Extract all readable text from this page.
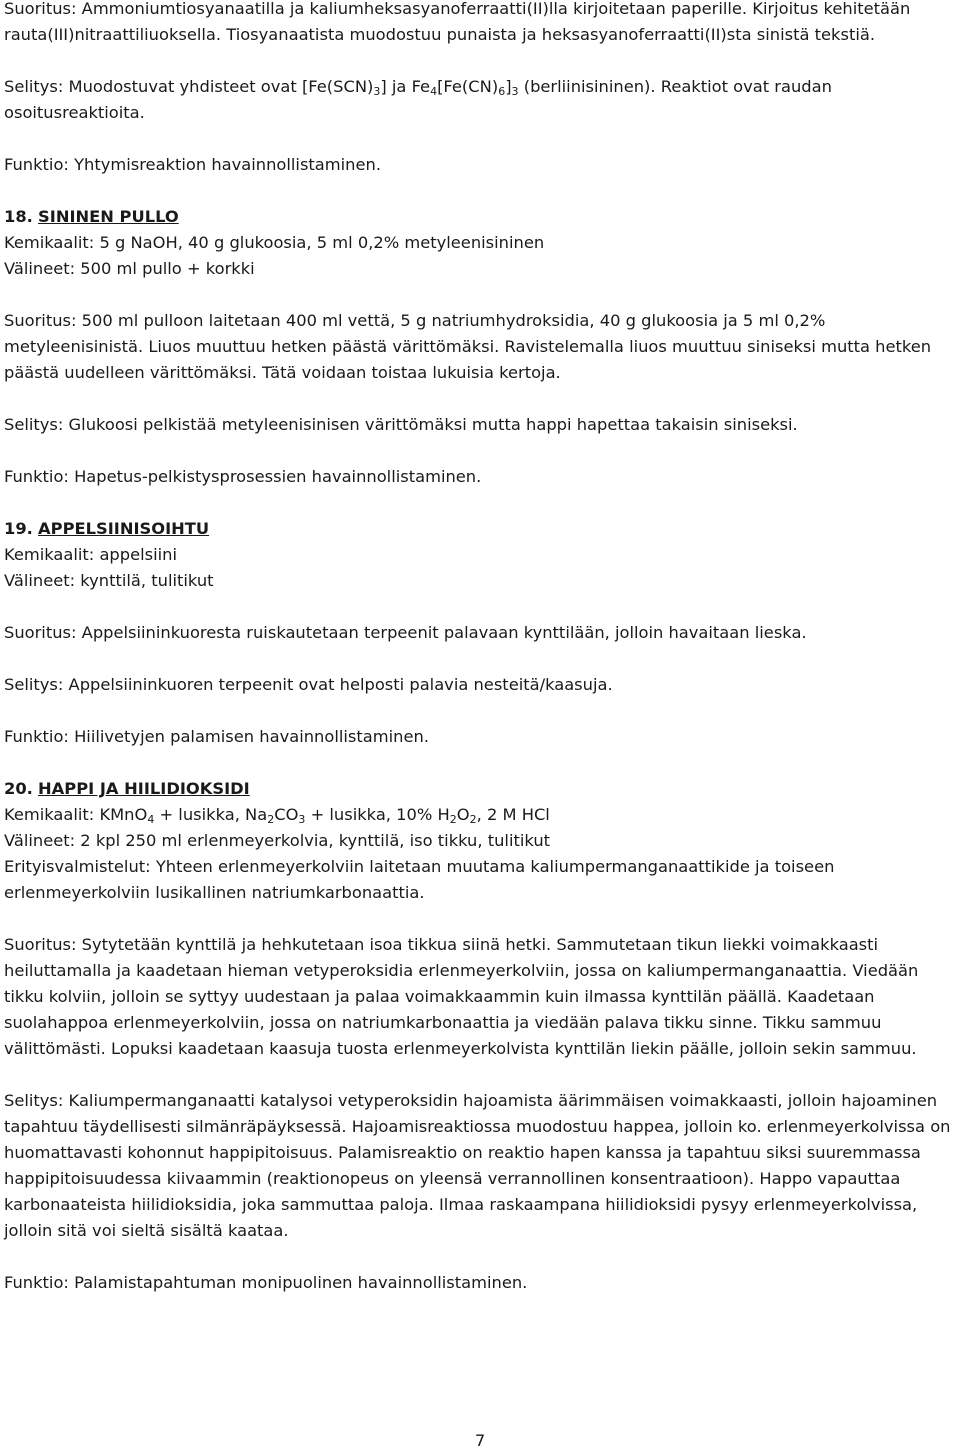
Suoritus: Ammoniumtiosyanaatilla ja kaliumheksasyanoferraatti(II)lla kirjoitetaan paperille. Kirjoitus kehitetään rauta(III)nitraattiliuoksella. Tiosyanaatista muodostuu punaista ja heksasyanoferraatti(II)sta sinistä tekstiä.

Selitys: Muodostuvat yhdisteet ovat $[Fe(SCN)_3]$ ja $Fe_4[Fe(CN)_6]_3$ (berliinisininen). Reaktiot ovat raudan osoitusreaktioita.

Funktio: Yhtymisreaktion havainnollistaminen.

18. SININEN PULLO

Kemikaalit: 5 g NaOH, 40 g glukoosia, 5 ml 0,2% metyleenisininen

Välineet: 500 ml pullo + korkki

Suoritus: 500 ml pulloon laitetaan 400 ml vettä, 5 g natriumhydroksidia, 40 g glukoosia ja 5 ml 0,2% metyleenisinistä. Liuos muuttuu hetken päästä värittömäksi. Ravistelemalla liuos muuttuu siniseksi mutta hetken päästä uudelleen värittömäksi. Tätä voidaan toistaa lukuisia kertoja.

Selitys: Glukoosi pelkistää metyleenisinisen värittömäksi mutta happi hapettaa takaisin siniseksi.

Funktio: Hapetus-pelkistysprosessien havainnollistaminen.

19. APPELSIINISOIHTU

Kemikaalit: appelsiini

Välineet: kynttilä, tulitikut

Suoritus: Appelsiininkuoresta ruiskautetaan terpeenit palavaan kynttilään, jolloin havaitaan lieska.

Selitys: Appelsiininkuoren terpeenit ovat helposti palavia nesteitä/kaasuja.

Funktio: Hiilivetyjen palamisen havainnollistaminen.

20. HAPPI JA HIILIDIOKSIDI

Kemikaalit: KMnO$_4$ + lusikka, $Na_2CO_3$ + lusikka, 10% $H_2O_2$, 2 M HCl

Välineet: 2 kpl 250 ml erlenmeyerkolvia, kynttilä, iso tikku, tulitikut

Erityisvalmistelut: Yhteen erlenmeyerkolviin laitetaan muutama kaliumpermanganaattikide ja toiseen erlenmeyerkolviin lusikallinen natriumkarbonaattia.

Suoritus: Sytytetään kynttilä ja hehkutetaan isoa tikkua siinä hetki. Sammutetaan tikun liekki voimakkaasti heiluttamalla ja kaadetaan hieman vetyperoksidia erlenmeyerkolviin, jossa on kaliumpermanganaattia. Viedään tikku kolviin, jolloin se syttyy uudestaan ja palaa voimakkaammin kuin ilmassa kynttilän päällä. Kaadetaan suolahappoa erlenmeyerkolviin, jossa on natriumkarbonaattia ja viedään palava tikku sinne. Tikku sammuu välittömästi. Lopuksi kaadetaan kaasuja tuosta erlenmeyerkolvista kynttilän liekin päälle, jolloin sekin sammuu.

Selitys: Kaliumpermanganaatti katalysoi vetyperoksidin hajoamista äärimmäisen voimakkaasti, jolloin hajoaminen tapahtuu täydellisesti silmänräpäyksessä. Hajoamisreaktiossa muodostuu happea, jolloin ko. erlenmeyerkolvissa on huomattavasti kohonnut happipitoisuus. Palamisreaktio on reaktio hapen kanssa ja tapahtuu siksi suuremmassa happipitoisuudessa kiivaammin (reaktionopeus on yleensä verrannollinen konsentraatioon). Happo vapauttaa karbonaateista hiilidioksidia, joka sammuttaa paloja. Ilmaa raskaampana hiilidioksidi pysyy erlenmeyerkolvissa, jolloin sitä voi sieltä sisältä kaataa.

Funktio: Palamistapahtuman monipuolinen havainnollistaminen.

7
